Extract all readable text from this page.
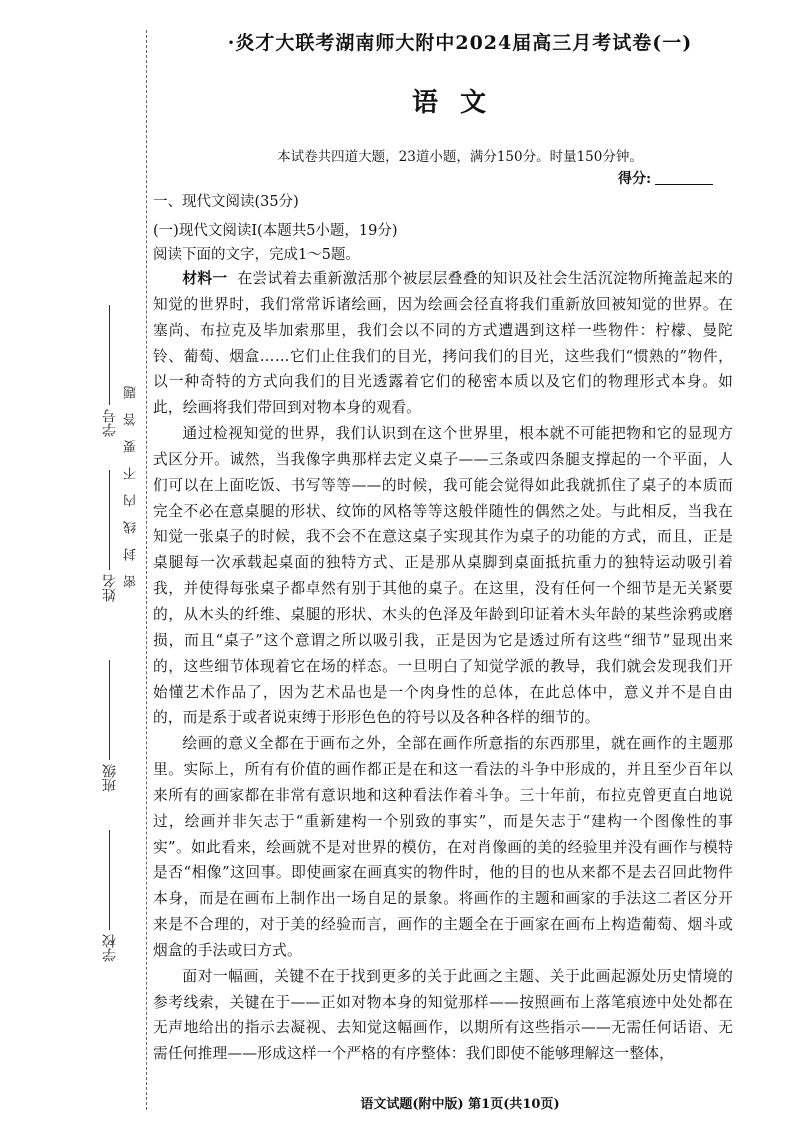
学号
姓名
班级
学校
密封线内不要答题
·炎才大联考湖南师大附中2024届高三月考试卷(一)
语文
本试卷共四道大题，23道小题，满分150分。时量150分钟。
得分:
一、现代文阅读(35分)
(一)现代文阅读Ⅰ(本题共5小题，19分)
阅读下面的文字，完成1～5题。

材料一 在尝试着去重新激活那个被层层叠叠的知识及社会生活沉淀物所掩盖起来的知觉的世界时，我们常常诉诸绘画，因为绘画会径直将我们重新放回被知觉的世界。在塞尚、布拉克及毕加索那里，我们会以不同的方式遭遇到这样一些物件：柠檬、曼陀铃、葡萄、烟盒……它们止住我们的目光，拷问我们的目光，这些我们“惯熟的”物件，以一种奇特的方式向我们的目光透露着它们的秘密本质以及它们的物理形式本身。如此，绘画将我们带回到对物本身的观看。

通过检视知觉的世界，我们认识到在这个世界里，根本就不可能把物和它的显现方式区分开。诚然，当我像字典那样去定义桌子——三条或四条腿支撑起的一个平面，人们可以在上面吃饭、书写等等——的时候，我可能会觉得如此我就抓住了桌子的本质而完全不必在意桌腿的形状、纹饰的风格等等这般伴随性的偶然之处。与此相反，当我在知觉一张桌子的时候，我不会不在意这桌子实现其作为桌子的功能的方式，而且，正是桌腿每一次承载起桌面的独特方式、正是那从桌脚到桌面抵抗重力的独特运动吸引着我，并使得每张桌子都卓然有别于其他的桌子。在这里，没有任何一个细节是无关紧要的，从木头的纤维、桌腿的形状、木头的色泽及年龄到印证着木头年龄的某些涂鸦或磨损，而且“桌子”这个意谓之所以吸引我，正是因为它是透过所有这些“细节”显现出来的，这些细节体现着它在场的样态。一旦明白了知觉学派的教导，我们就会发现我们开始懂艺术作品了，因为艺术品也是一个肉身性的总体，在此总体中，意义并不是自由的，而是系于或者说束缚于形形色色的符号以及各种各样的细节的。

绘画的意义全都在于画布之外，全部在画作所意指的东西那里，就在画作的主题那里。实际上，所有有价值的画作都正是在和这一看法的斗争中形成的，并且至少百年以来所有的画家都在非常有意识地和这种看法作着斗争。三十年前，布拉克曾更直白地说过，绘画并非矢志于“重新建构一个别致的事实”，而是矢志于“建构一个图像性的事实”。如此看来，绘画就不是对世界的模仿，在对肖像画的美的经验里并没有画作与模特是否“相像”这回事。即使画家在画真实的物件时，他的目的也从来都不是去召回此物件本身，而是在画布上制作出一场自足的景象。将画作的主题和画家的手法这二者区分开来是不合理的，对于美的经验而言，画作的主题全在于画家在画布上构造葡萄、烟斗或烟盒的手法或曰方式。

面对一幅画，关键不在于找到更多的关于此画之主题、关于此画起源处历史情境的参考线索，关键在于——正如对物本身的知觉那样——按照画布上落笔痕迹中处处都在无声地给出的指示去凝视、去知觉这幅画作，以期所有这些指示——无需任何话语、无需任何推理——形成这样一个严格的有序整体：我们即使不能够理解这一整体，

语文试题(附中版) 第1页(共10页)
